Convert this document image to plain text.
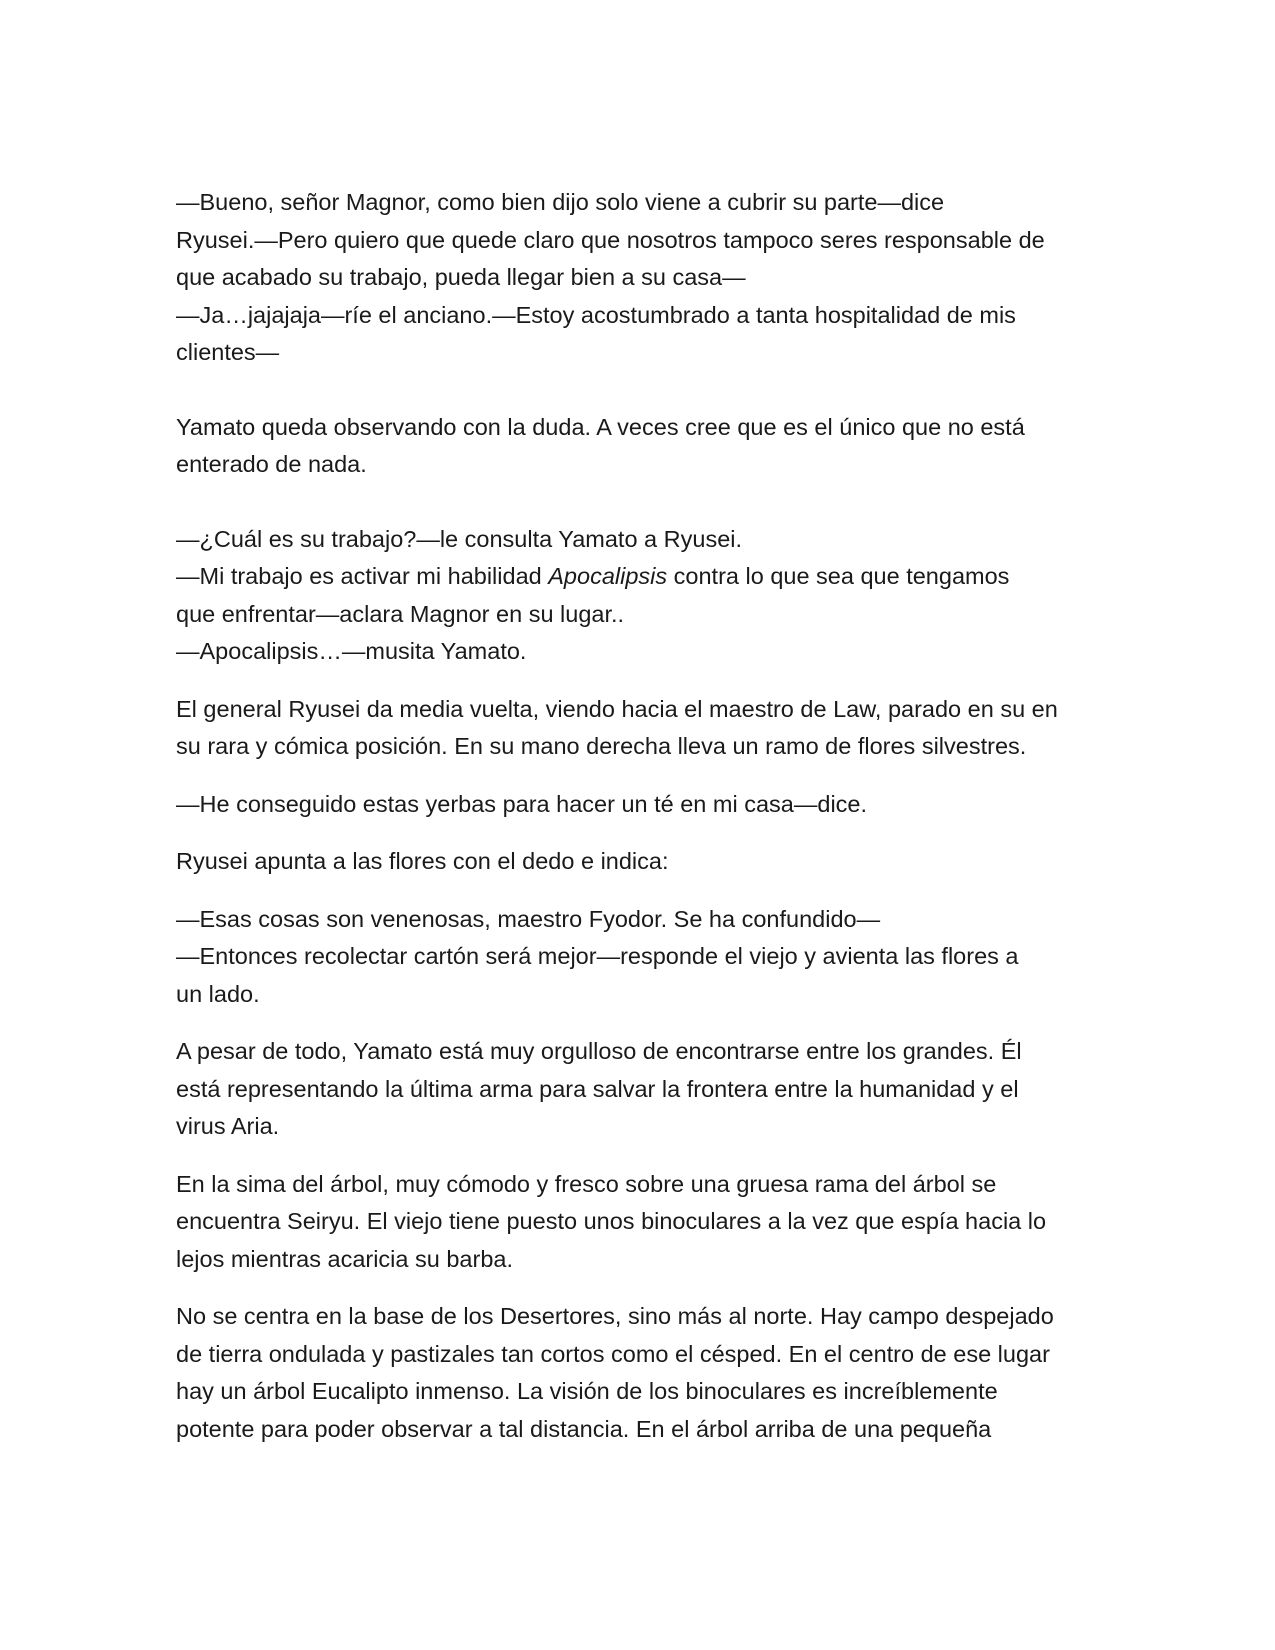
—Bueno, señor Magnor, como bien dijo solo viene a cubrir su parte—dice
Ryusei.—Pero quiero que quede claro que nosotros tampoco seres responsable de
que acabado su trabajo, pueda llegar bien a su casa—
—Ja…jajajaja—ríe el anciano.—Estoy acostumbrado a tanta hospitalidad de mis
clientes—

Yamato queda observando con la duda. A veces cree que es el único que no está
enterado de nada.

—¿Cuál es su trabajo?—le consulta Yamato a Ryusei.
—Mi trabajo es activar mi habilidad Apocalipsis contra lo que sea que tengamos
que enfrentar—aclara Magnor en su lugar..
—Apocalipsis…—musita Yamato.

El general Ryusei da media vuelta, viendo hacia el maestro de Law, parado en su en
su rara y cómica posición. En su mano derecha lleva un ramo de flores silvestres.

—He conseguido estas yerbas para hacer un té en mi casa—dice.

Ryusei apunta a las flores con el dedo e indica:

—Esas cosas son venenosas, maestro Fyodor. Se ha confundido—
—Entonces recolectar cartón será mejor—responde el viejo y avienta las flores a
un lado.

A pesar de todo, Yamato está muy orgulloso de encontrarse entre los grandes. Él
está representando la última arma para salvar la frontera entre la humanidad y el
virus Aria.

En la sima del árbol, muy cómodo y fresco sobre una gruesa rama del árbol se
encuentra Seiryu. El viejo tiene puesto unos binoculares a la vez que espía hacia lo
lejos mientras acaricia su barba.

No se centra en la base de los Desertores, sino más al norte. Hay campo despejado
de tierra ondulada y pastizales tan cortos como el césped. En el centro de ese lugar
hay un árbol Eucalipto inmenso. La visión de los binoculares es increíblemente
potente para poder observar a tal distancia. En el árbol arriba de una pequeña
